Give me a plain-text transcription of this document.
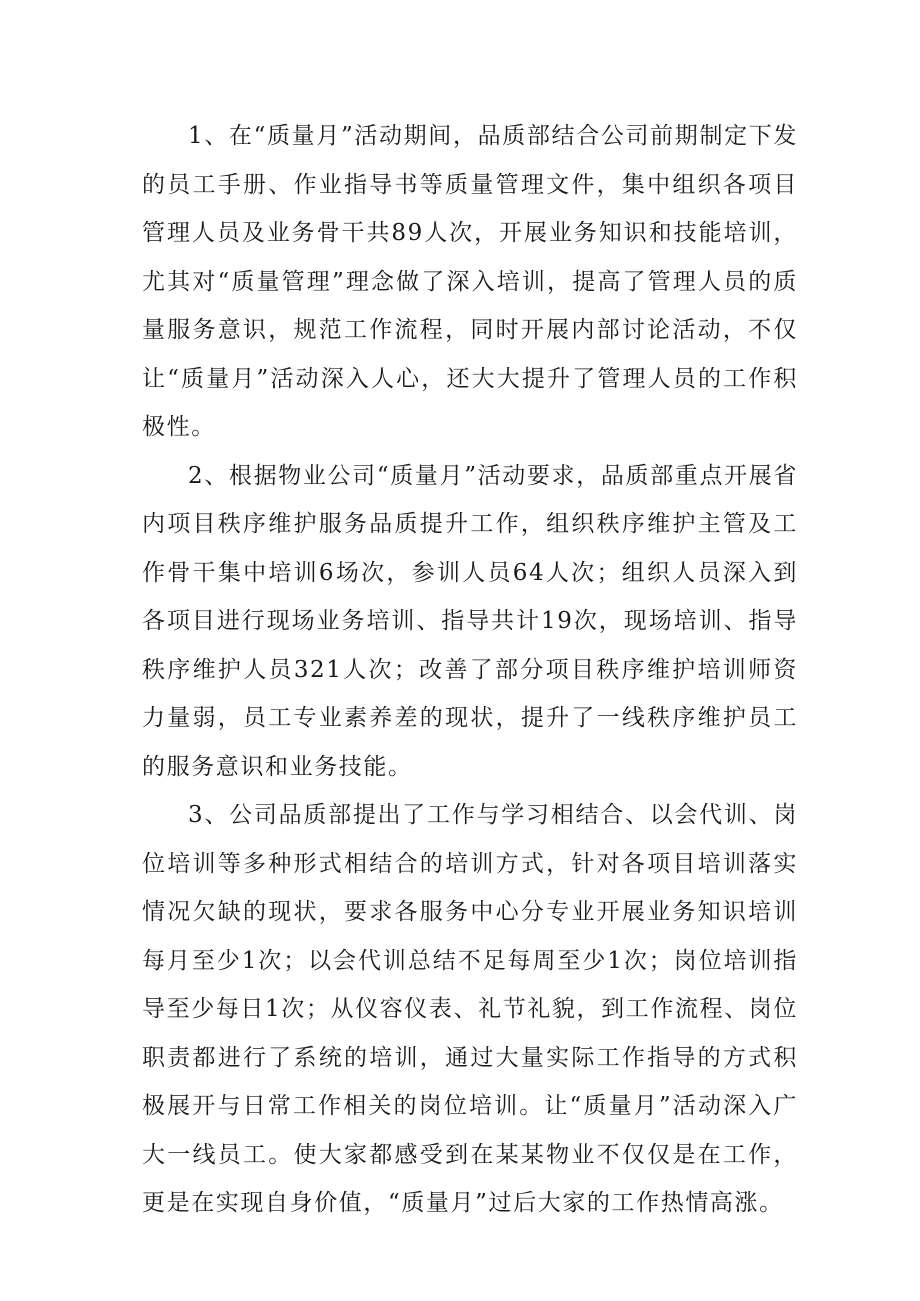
1、在“质量月”活动期间，品质部结合公司前期制定下发的员工手册、作业指导书等质量管理文件，集中组织各项目管理人员及业务骨干共89人次，开展业务知识和技能培训，尤其对“质量管理”理念做了深入培训，提高了管理人员的质量服务意识，规范工作流程，同时开展内部讨论活动，不仅让“质量月”活动深入人心，还大大提升了管理人员的工作积极性。

2、根据物业公司“质量月”活动要求，品质部重点开展省内项目秩序维护服务品质提升工作，组织秩序维护主管及工作骨干集中培训6场次，参训人员64人次；组织人员深入到各项目进行现场业务培训、指导共计19次，现场培训、指导秩序维护人员321人次；改善了部分项目秩序维护培训师资力量弱，员工专业素养差的现状，提升了一线秩序维护员工的服务意识和业务技能。

3、公司品质部提出了工作与学习相结合、以会代训、岗位培训等多种形式相结合的培训方式，针对各项目培训落实情况欠缺的现状，要求各服务中心分专业开展业务知识培训每月至少1次；以会代训总结不足每周至少1次；岗位培训指导至少每日1次；从仪容仪表、礼节礼貌，到工作流程、岗位职责都进行了系统的培训，通过大量实际工作指导的方式积极展开与日常工作相关的岗位培训。让“质量月”活动深入广大一线员工。使大家都感受到在某某物业不仅仅是在工作，更是在实现自身价值，“质量月”过后大家的工作热情高涨。
